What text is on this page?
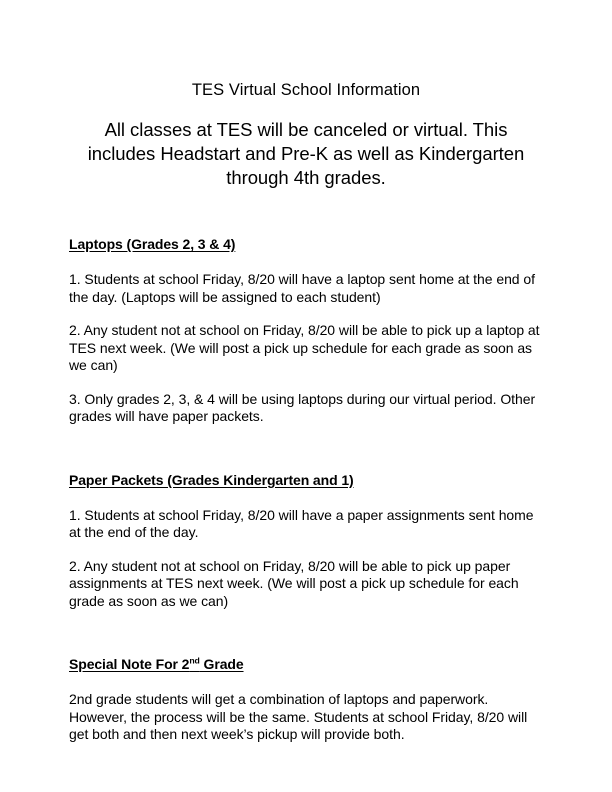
TES Virtual School Information

All classes at TES will be canceled or virtual. This includes Headstart and Pre-K as well as Kindergarten through 4th grades.

Laptops (Grades 2, 3 & 4)

1. Students at school Friday, 8/20 will have a laptop sent home at the end of the day. (Laptops will be assigned to each student)

2. Any student not at school on Friday, 8/20 will be able to pick up a laptop at TES next week. (We will post a pick up schedule for each grade as soon as we can)

3. Only grades 2, 3, & 4 will be using laptops during our virtual period. Other grades will have paper packets.

Paper Packets (Grades Kindergarten and 1)

1. Students at school Friday, 8/20 will have a paper assignments sent home at the end of the day.

2. Any student not at school on Friday, 8/20 will be able to pick up paper assignments at TES next week. (We will post a pick up schedule for each grade as soon as we can)

Special Note For 2nd Grade

2nd grade students will get a combination of laptops and paperwork. However, the process will be the same. Students at school Friday, 8/20 will get both and then next week’s pickup will provide both.
